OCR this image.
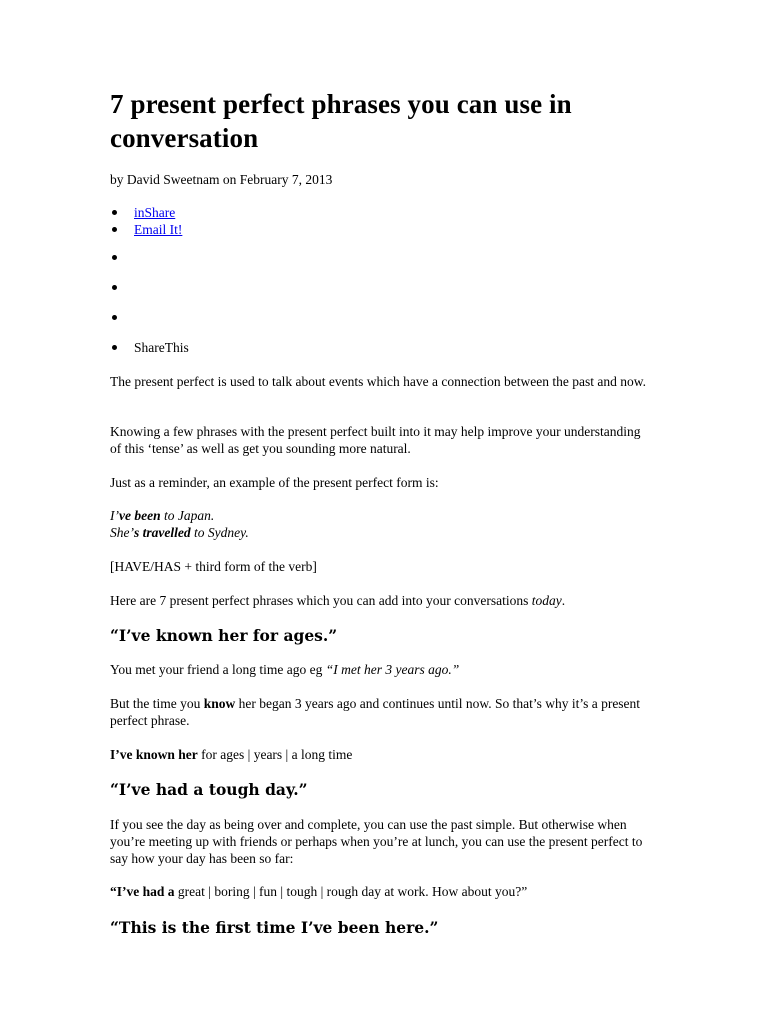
7 present perfect phrases you can use in conversation

by David Sweetnam on February 7, 2013

inShare
Email It!
ShareThis

The present perfect is used to talk about events which have a connection between the past and now.

Knowing a few phrases with the present perfect built into it may help improve your understanding of this ‘tense’ as well as get you sounding more natural.

Just as a reminder, an example of the present perfect form is:

I’ve been to Japan.
She’s travelled to Sydney.

[HAVE/HAS + third form of the verb]

Here are 7 present perfect phrases which you can add into your conversations today.

“I’ve known her for ages.”

You met your friend a long time ago eg “I met her 3 years ago.”

But the time you know her began 3 years ago and continues until now. So that’s why it’s a present perfect phrase.

I’ve known her for ages | years | a long time

“I’ve had a tough day.”

If you see the day as being over and complete, you can use the past simple. But otherwise when you’re meeting up with friends or perhaps when you’re at lunch, you can use the present perfect to say how your day has been so far:

“I’ve had a great | boring | fun | tough | rough day at work. How about you?”

“This is the first time I’ve been here.”
